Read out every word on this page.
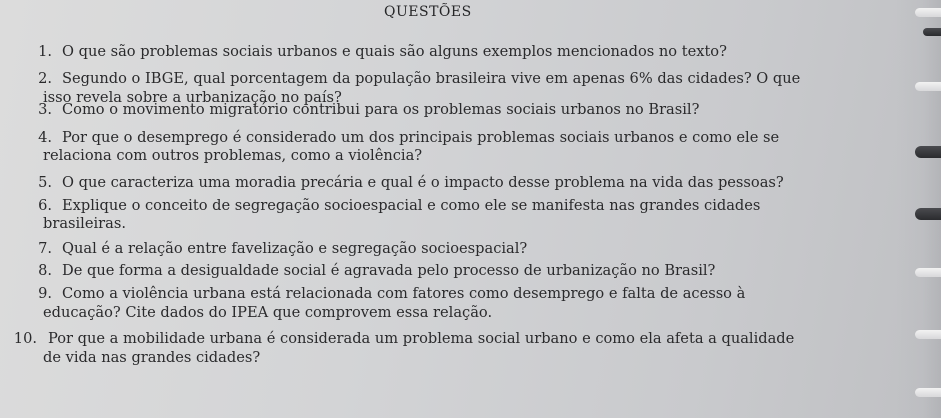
QUESTÕES
1. O que são problemas sociais urbanos e quais são alguns exemplos mencionados no texto?
2. Segundo o IBGE, qual porcentagem da população brasileira vive em apenas 6% das cidades? O que
isso revela sobre a urbanização no país?
3. Como o movimento migratório contribui para os problemas sociais urbanos no Brasil?
4. Por que o desemprego é considerado um dos principais problemas sociais urbanos e como ele se
relaciona com outros problemas, como a violência?
5. O que caracteriza uma moradia precária e qual é o impacto desse problema na vida das pessoas?
6. Explique o conceito de segregação socioespacial e como ele se manifesta nas grandes cidades
brasileiras.
7. Qual é a relação entre favelização e segregação socioespacial?
8. De que forma a desigualdade social é agravada pelo processo de urbanização no Brasil?
9. Como a violência urbana está relacionada com fatores como desemprego e falta de acesso à
educação? Cite dados do IPEA que comprovem essa relação.
10. Por que a mobilidade urbana é considerada um problema social urbano e como ela afeta a qualidade
de vida nas grandes cidades?
